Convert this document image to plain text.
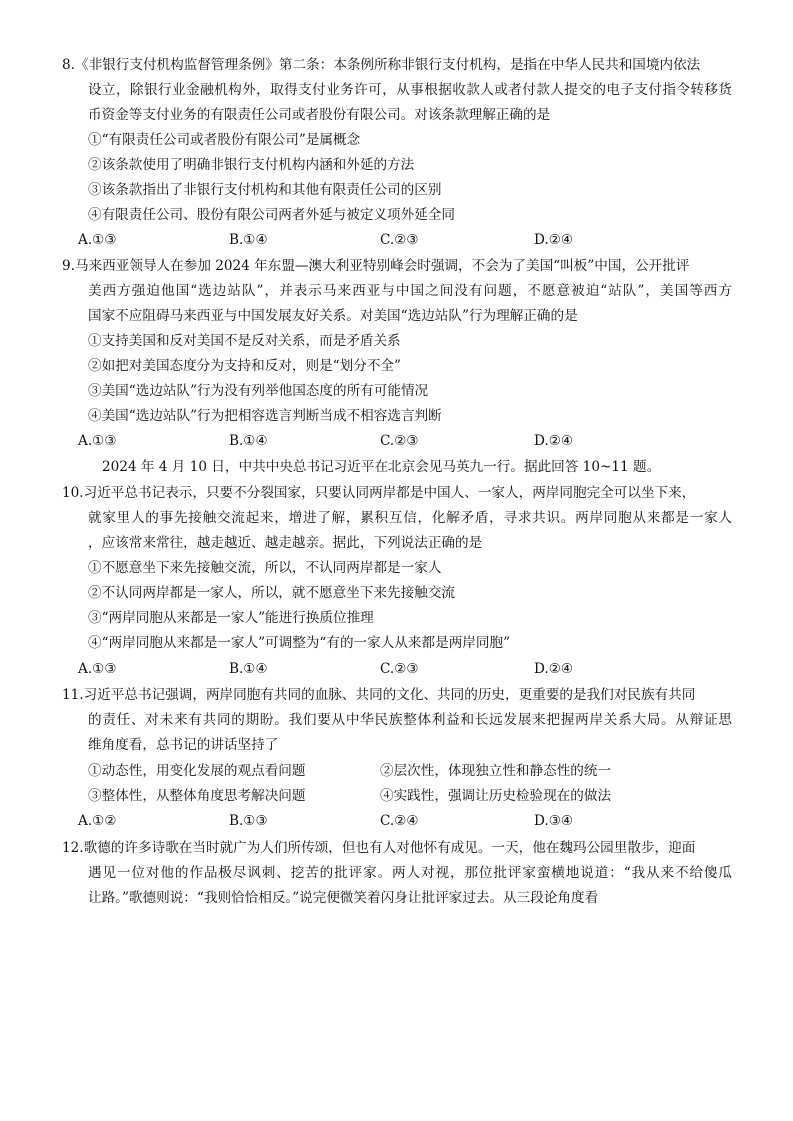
8.《非银行支付机构监督管理条例》第二条：本条例所称非银行支付机构，是指在中华人民共和国境内依法
设立，除银行业金融机构外，取得支付业务许可，从事根据收款人或者付款人提交的电子支付指令转移货
币资金等支付业务的有限责任公司或者股份有限公司。对该条款理解正确的是
①“有限责任公司或者股份有限公司”是属概念
②该条款使用了明确非银行支付机构内涵和外延的方法
③该条款指出了非银行支付机构和其他有限责任公司的区别
④有限责任公司、股份有限公司两者外延与被定义项外延全同
A.①③	B.①④	C.②③	D.②④
9.马来西亚领导人在参加 2024 年东盟—澳大利亚特别峰会时强调，不会为了美国“叫板”中国，公开批评
美西方强迫他国“选边站队”，并表示马来西亚与中国之间没有问题，不愿意被迫“站队”，美国等西方
国家不应阻碍马来西亚与中国发展友好关系。对美国“选边站队”行为理解正确的是
①支持美国和反对美国不是反对关系，而是矛盾关系
②如把对美国态度分为支持和反对，则是“划分不全”
③美国“选边站队”行为没有列举他国态度的所有可能情况
④美国“选边站队”行为把相容选言判断当成不相容选言判断
A.①③	B.①④	C.②③	D.②④
2024 年 4 月 10 日，中共中央总书记习近平在北京会见马英九一行。据此回答 10~11 题。
10.习近平总书记表示，只要不分裂国家，只要认同两岸都是中国人、一家人，两岸同胞完全可以坐下来，
就家里人的事先接触交流起来，增进了解，累积互信，化解矛盾，寻求共识。两岸同胞从来都是一家人
，应该常来常往，越走越近、越走越亲。据此，下列说法正确的是
①不愿意坐下来先接触交流，所以，不认同两岸都是一家人
②不认同两岸都是一家人，所以，就不愿意坐下来先接触交流
③“两岸同胞从来都是一家人”能进行换质位推理
④“两岸同胞从来都是一家人”可调整为“有的一家人从来都是两岸同胞”
A.①③	B.①④	C.②③	D.②④
11.习近平总书记强调，两岸同胞有共同的血脉、共同的文化、共同的历史，更重要的是我们对民族有共同
的责任、对未来有共同的期盼。我们要从中华民族整体利益和长远发展来把握两岸关系大局。从辩证思
维角度看，总书记的讲话坚持了
①动态性，用变化发展的观点看问题	②层次性，体现独立性和静态性的统一
③整体性，从整体角度思考解决问题	④实践性，强调让历史检验现在的做法
A.①②	B.①③	C.②④	D.③④
12.歌德的许多诗歌在当时就广为人们所传颂，但也有人对他怀有成见。一天，他在魏玛公园里散步，迎面
遇见一位对他的作品极尽讽刺、挖苦的批评家。两人对视，那位批评家蛮横地说道：“我从来不给傻瓜
让路。”歌德则说：“我则恰恰相反。”说完便微笑着闪身让批评家过去。从三段论角度看
